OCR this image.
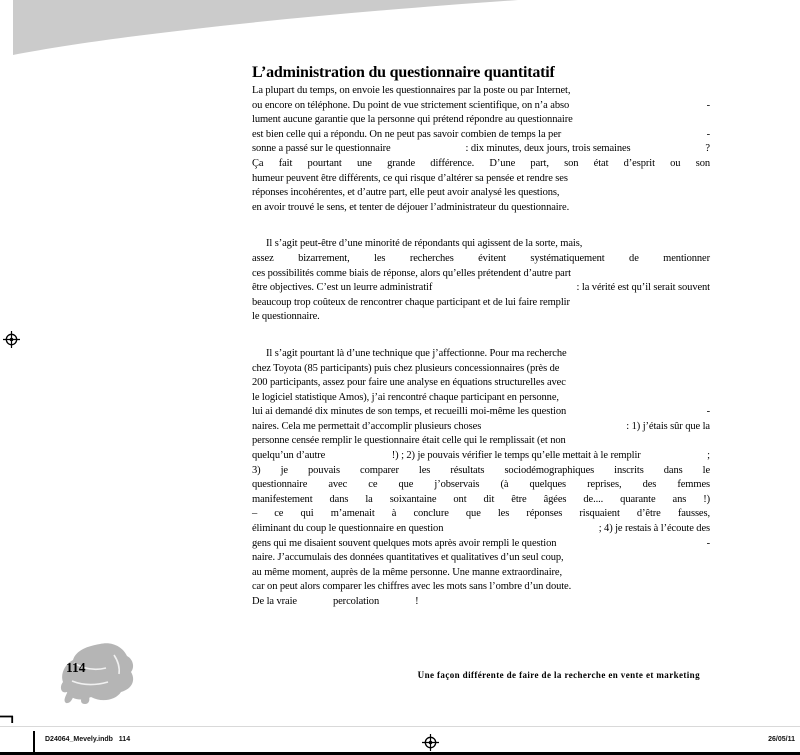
L’administration du questionnaire quantitatif
La plupart du temps, on envoie les questionnaires par la poste ou par Internet,
ou encore on téléphone. Du point de vue strictement scientifique, on n’a abso	-
lument aucune garantie que la personne qui prétend répondre au questionnaire
est bien celle qui a répondu. On ne peut pas savoir combien de temps la per	-
sonne a passé sur le questionnaire	: dix minutes, deux jours, trois semaines	?
Ça fait pourtant une grande différence. D’une part, son état d’esprit ou son
humeur peuvent être différents, ce qui risque d’altérer sa pensée et rendre ses
réponses incohérentes, et d’autre part, elle peut avoir analysé les questions,
en avoir trouvé le sens, et tenter de déjouer l’administrateur du questionnaire.
Il s’agit peut-être d’une minorité de répondants qui agissent de la sorte, mais,
assez bizarrement, les recherches évitent systématiquement de mentionner
ces possibilités comme biais de réponse, alors qu’elles prétendent d’autre part
être objectives. C’est un leurre administratif	: la vérité est qu’il serait souvent
beaucoup trop coûteux de rencontrer chaque participant et de lui faire remplir
le questionnaire.
Il s’agit pourtant là d’une technique que j’affectionne. Pour ma recherche
chez Toyota (85 participants) puis chez plusieurs concessionnaires (près de
200 participants, assez pour faire une analyse en équations structurelles avec
le logiciel statistique Amos), j’ai rencontré chaque participant en personne,
lui ai demandé dix minutes de son temps, et recueilli moi-même les question	-
naires. Cela me permettait d’accomplir plusieurs choses	: 1) j’étais sûr que la
personne censée remplir le questionnaire était celle qui le remplissait (et non
quelqu’un d’autre	!) ; 2) je pouvais vérifier le temps qu’elle mettait à le remplir	;
3) je pouvais comparer les résultats sociodémographiques inscrits dans le
questionnaire avec ce que j’observais (à quelques reprises, des femmes
manifestement dans la soixantaine ont dit être âgées de.... quarante ans !)
– ce qui m’amenait à conclure que les réponses risquaient d’être fausses,
éliminant du coup le questionnaire en question	; 4) je restais à l’écoute des
gens qui me disaient souvent quelques mots après avoir rempli le question	-
naire. J’accumulais des données quantitatives et qualitatives d’un seul coup,
au même moment, auprès de la même personne. Une manne extraordinaire,
car on peut alors comparer les chiffres avec les mots sans l’ombre d’un doute.
De la vraie	percolation	!
114	Une façon différente de faire de la recherche en vente et marketing
D24064_Mevely.indb   114	26/05/11
